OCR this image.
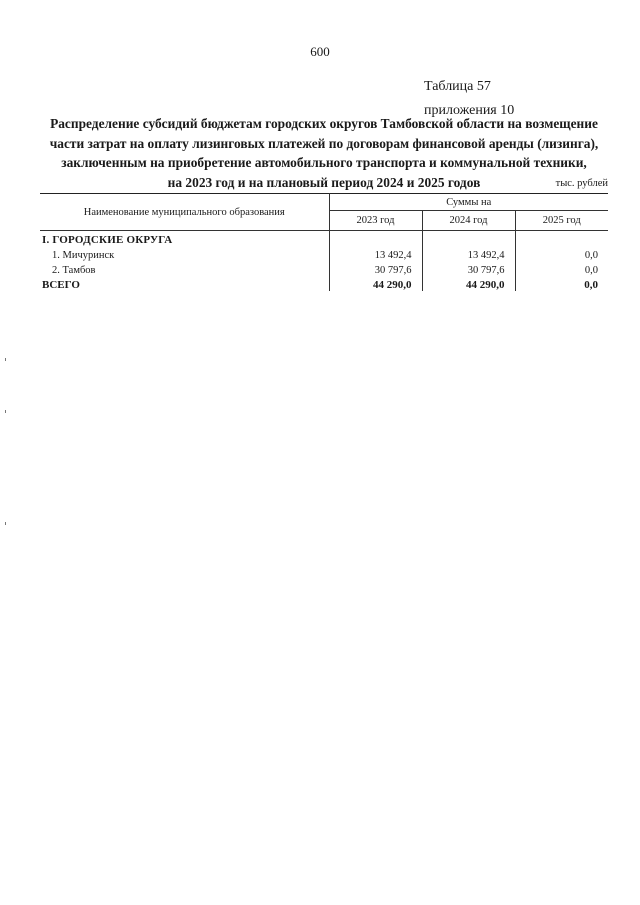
600
Таблица 57
приложения 10
Распределение субсидий бюджетам городских округов Тамбовской области на возмещение
части затрат на оплату лизинговых платежей по договорам финансовой аренды (лизинга),
заключенным на приобретение автомобильного транспорта и коммунальной техники,
на 2023 год и на плановый период 2024 и 2025 годов	тыс. рублей
Наименование муниципального образования	Суммы на		
	2023 год	2024 год	2025 год
I. ГОРОДСКИЕ ОКРУГА			
1. Мичуринск	13 492,4	13 492,4	0,0
2. Тамбов	30 797,6	30 797,6	0,0
ВСЕГО	44 290,0	44 290,0	0,0
